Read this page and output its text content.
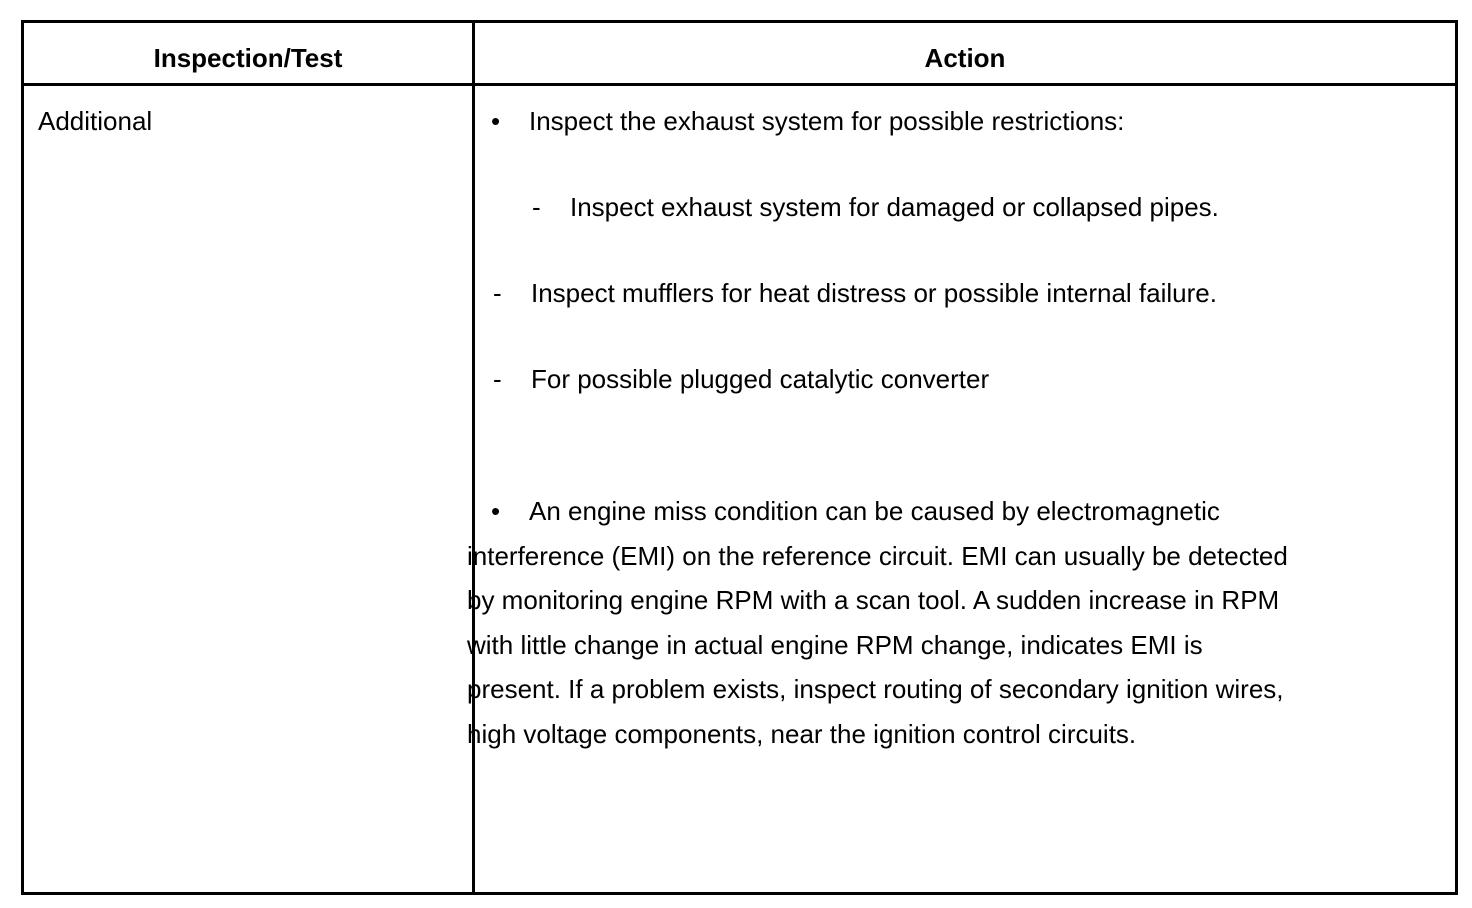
Inspection/Test	Action
Additional	• Inspect the exhaust system for possible restrictions:
- Inspect exhaust system for damaged or collapsed pipes.
- Inspect mufflers for heat distress or possible internal failure.
- For possible plugged catalytic converter
• An engine miss condition can be caused by electromagnetic
interference (EMI) on the reference circuit. EMI can usually be detected
by monitoring engine RPM with a scan tool. A sudden increase in RPM
with little change in actual engine RPM change, indicates EMI is
present. If a problem exists, inspect routing of secondary ignition wires,
high voltage components, near the ignition control circuits.
